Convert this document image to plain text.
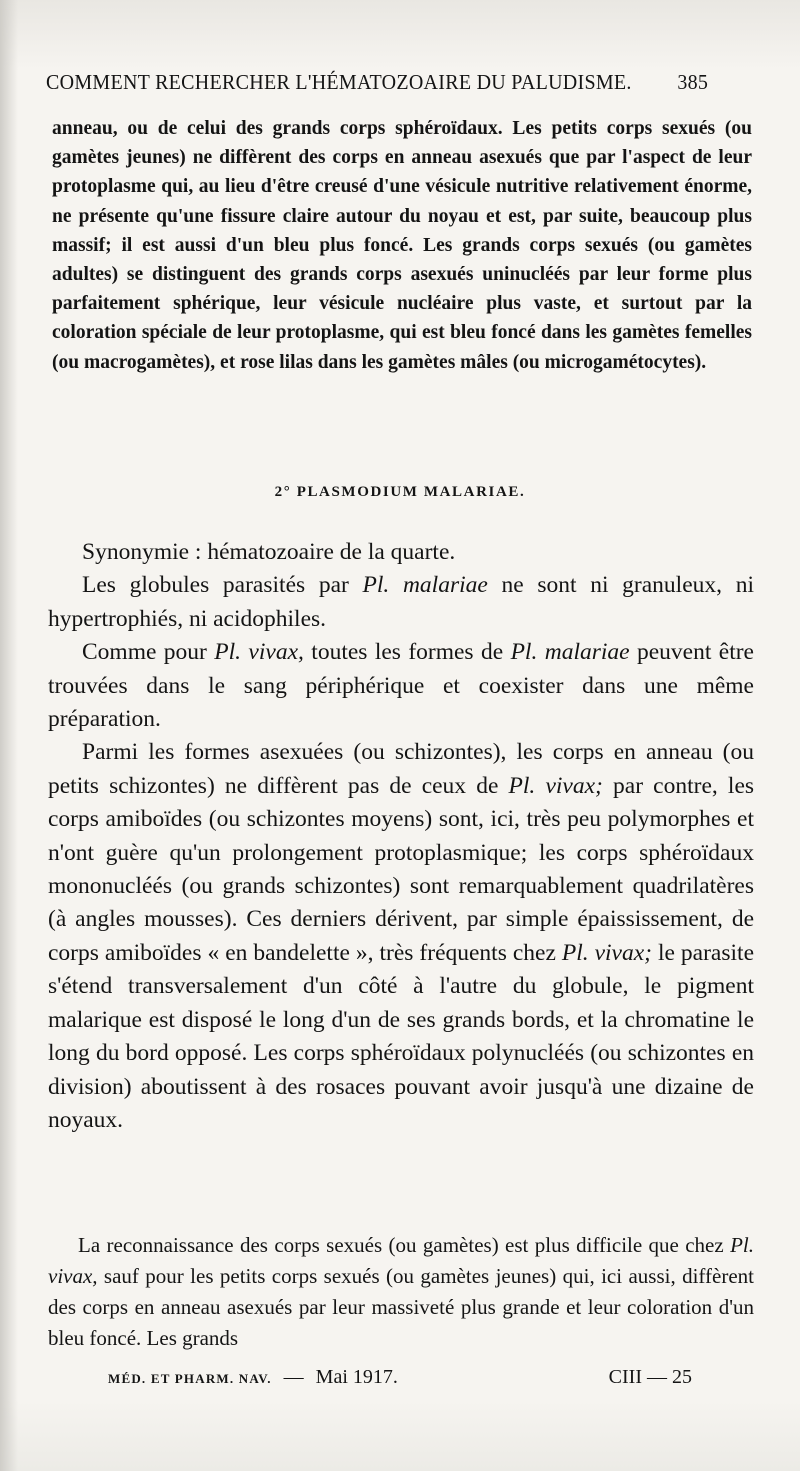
COMMENT RECHERCHER L'HÉMATOZOAIRE DU PALUDISME. 385
anneau, ou de celui des grands corps sphéroïdaux. Les petits corps sexués (ou gamètes jeunes) ne diffèrent des corps en anneau asexués que par l'aspect de leur protoplasme qui, au lieu d'être creusé d'une vésicule nutritive relativement énorme, ne présente qu'une fissure claire autour du noyau et est, par suite, beaucoup plus massif; il est aussi d'un bleu plus foncé. Les grands corps sexués (ou gamètes adultes) se distinguent des grands corps asexués uninucléés par leur forme plus parfaitement sphérique, leur vésicule nucléaire plus vaste, et surtout par la coloration spéciale de leur protoplasme, qui est bleu foncé dans les gamètes femelles (ou macrogamètes), et rose lilas dans les gamètes mâles (ou microgamétocytes).
2° PLASMODIUM MALARIAE.

Synonymie : hématozoaire de la quarte.

Les globules parasités par Pl. malariae ne sont ni granuleux, ni hypertrophiés, ni acidophiles.

Comme pour Pl. vivax, toutes les formes de Pl. malariae peuvent être trouvées dans le sang périphérique et coexister dans une même préparation.

Parmi les formes asexuées (ou schizontes), les corps en anneau (ou petits schizontes) ne diffèrent pas de ceux de Pl. vivax; par contre, les corps amiboïdes (ou schizontes moyens) sont, ici, très peu polymorphes et n'ont guère qu'un prolongement protoplasmique; les corps sphéroïdaux mononucléés (ou grands schizontes) sont remarquablement quadrilatères (à angles mousses). Ces derniers dérivent, par simple épaississement, de corps amiboïdes « en bandelette », très fréquents chez Pl. vivax; le parasite s'étend transversalement d'un côté à l'autre du globule, le pigment malarique est disposé le long d'un de ses grands bords, et la chromatine le long du bord opposé. Les corps sphéroïdaux polynucléés (ou schizontes en division) aboutissent à des rosaces pouvant avoir jusqu'à une dizaine de noyaux.

La reconnaissance des corps sexués (ou gamètes) est plus difficile que chez Pl. vivax, sauf pour les petits corps sexués (ou gamètes jeunes) qui, ici aussi, diffèrent des corps en anneau asexués par leur massiveté plus grande et leur coloration d'un bleu foncé. Les grands
MÉD. ET PHARM. NAV. — Mai 1917.	CIII — 25
